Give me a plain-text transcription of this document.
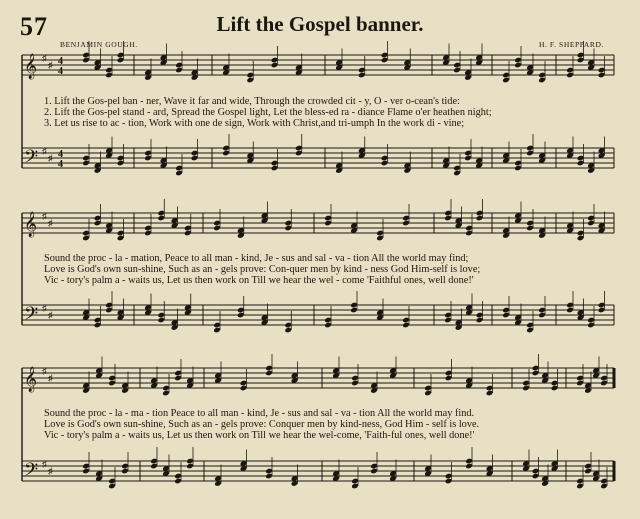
57	Lift the Gospel banner.
BENJAMIN GOUGH.	H. F. SHEPPARD.
𝄞 ♯
♯ 4
4
𝄢 ♯
♯ 4
4
𝄞 ♯
♯
𝄢 ♯
♯
𝄞 ♯
♯
𝄢 ♯
♯
1. Lift the Gos-pel ban - ner, Wave it far and wide, Through the crowded cit - y, O - ver o-cean's tide:
2. Lift the Gos-pel stand - ard, Spread the Gospel light, Let the bless-ed ra - diance Flame o'er heathen night;
3. Let us rise to ac - tion, Work with one de sign, Work with Christ,and tri-umph In the work di - vine;
Sound the proc - la - mation, Peace to all man - kind, Je - sus and sal - va - tion All the world may find;
Love is God's own sun-shine, Such as an - gels prove: Con-quer men by kind - ness God Him-self is love;
Vic - tory's palm a - waits us, Let us then work on Till we hear the wel - come 'Faithful ones, well done!'
Sound the proc - la - ma - tion Peace to all man - kind, Je - sus and sal - va - tion All the world may find.
Love is God's own sun-shine, Such as an - gels prove: Conquer men by kind-ness, God Him - self is love.
Vic - tory's palm a - waits us, Let us then work on Till we hear the wel-come, 'Faith-ful ones, well done!'
